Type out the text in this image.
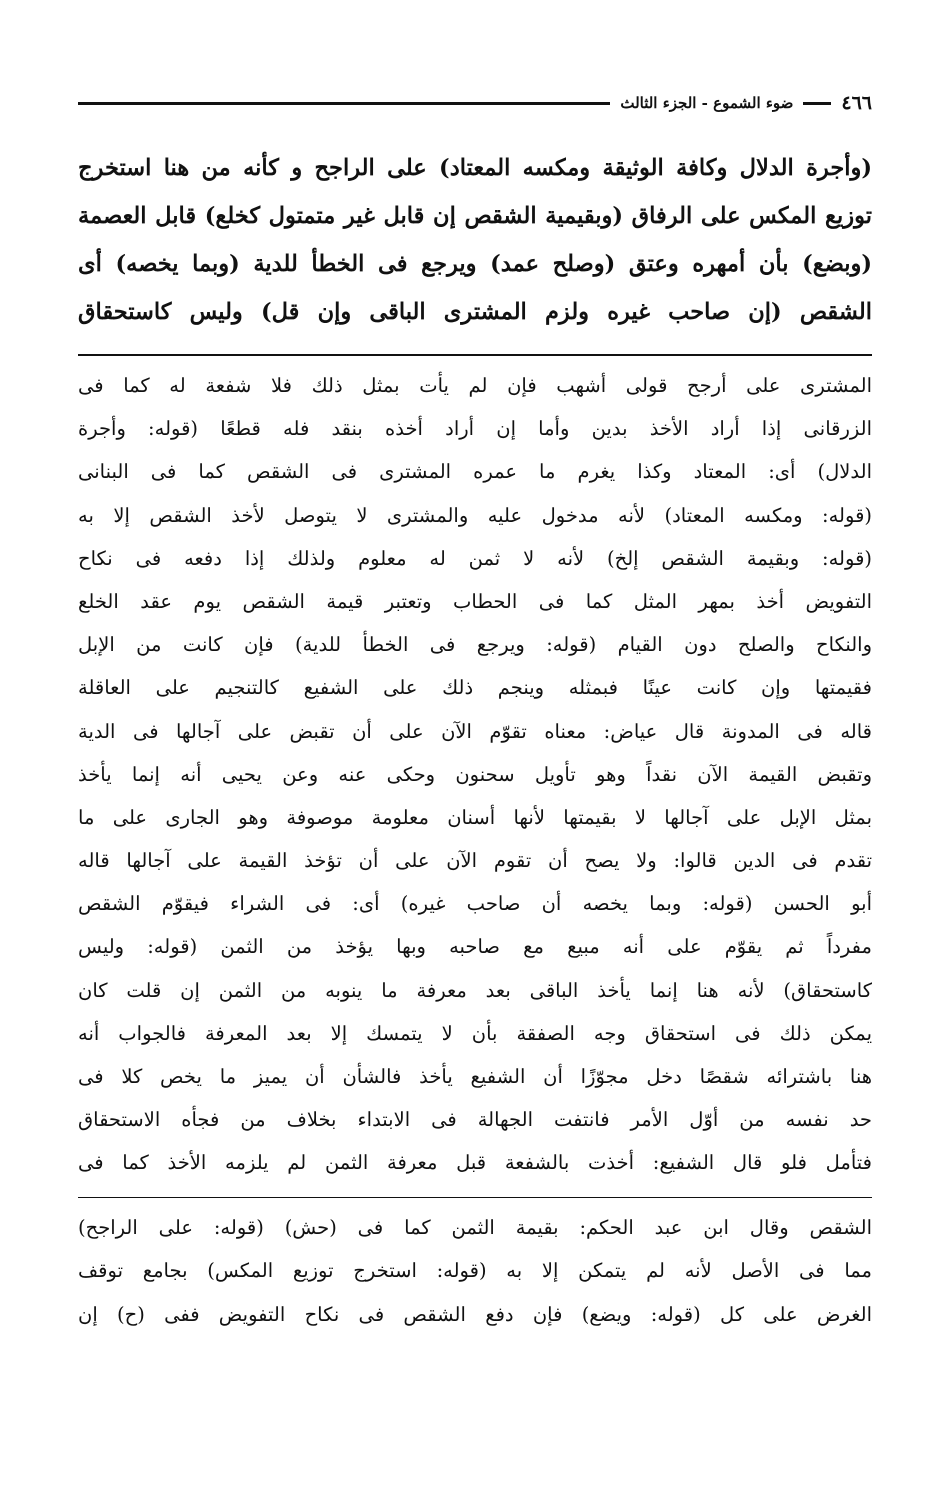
٤٦٦
ضوء الشموع - الجزء الثالث
(وأجرة الدلال وكافة الوثيقة ومكسه المعتاد) على الراجح و كأنه من هنا استخرج
توزيع المكس على الرفاق (وبقيمية الشقص إن قابل غير متمتول كخلع) قابل العصمة
(وبضع) بأن أمهره وعتق (وصلح عمد) ويرجع فى الخطأ للدية (وبما يخصه) أى
الشقص (إن صاحب غيره ولزم المشترى الباقى وإن قل) وليس كاستحقاق
المشترى على أرجح قولى أشهب فإن لم يأت بمثل ذلك فلا شفعة له كما فى
الزرقانى إذا أراد الأخذ بدين وأما إن أراد أخذه بنقد فله قطعًا (قوله: وأجرة
الدلال) أى: المعتاد وكذا يغرم ما عمره المشترى فى الشقص كما فى البنانى
(قوله: ومكسه المعتاد) لأنه مدخول عليه والمشترى لا يتوصل لأخذ الشقص إلا به
(قوله: وبقيمة الشقص إلخ) لأنه لا ثمن له معلوم ولذلك إذا دفعه فى نكاح
التفويض أخذ بمهر المثل كما فى الحطاب وتعتبر قيمة الشقص يوم عقد الخلع
والنكاح والصلح دون القيام (قوله: ويرجع فى الخطأ للدية) فإن كانت من الإبل
فقيمتها وإن كانت عينًا فبمثله وينجم ذلك على الشفيع كالتنجيم على العاقلة
قاله فى المدونة قال عياض: معناه تقوّم الآن على أن تقبض على آجالها فى الدية
وتقبض القيمة الآن نقداً وهو تأويل سحنون وحكى عنه وعن يحيى أنه إنما يأخذ
بمثل الإبل على آجالها لا بقيمتها لأنها أسنان معلومة موصوفة وهو الجارى على ما
تقدم فى الدين قالوا: ولا يصح أن تقوم الآن على أن تؤخذ القيمة على آجالها قاله
أبو الحسن (قوله: وبما يخصه أن صاحب غيره) أى: فى الشراء فيقوّم الشقص
مفرداً ثم يقوّم على أنه مبيع مع صاحبه وبها يؤخذ من الثمن (قوله: وليس
كاستحقاق) لأنه هنا إنما يأخذ الباقى بعد معرفة ما ينوبه من الثمن إن قلت كان
يمكن ذلك فى استحقاق وجه الصفقة بأن لا يتمسك إلا بعد المعرفة فالجواب أنه
هنا باشترائه شقصًا دخل مجوّزًا أن الشفيع يأخذ فالشأن أن يميز ما يخص كلا فى
حد نفسه من أوّل الأمر فانتفت الجهالة فى الابتداء بخلاف من فجأه الاستحقاق
فتأمل فلو قال الشفيع: أخذت بالشفعة قبل معرفة الثمن لم يلزمه الأخذ كما فى
الشقص وقال ابن عبد الحكم: بقيمة الثمن كما فى (حش) (قوله: على الراجح)
مما فى الأصل لأنه لم يتمكن إلا به (قوله: استخرج توزيع المكس) بجامع توقف
الغرض على كل (قوله: ويضع) فإن دفع الشقص فى نكاح التفويض ففى (ح) إن
